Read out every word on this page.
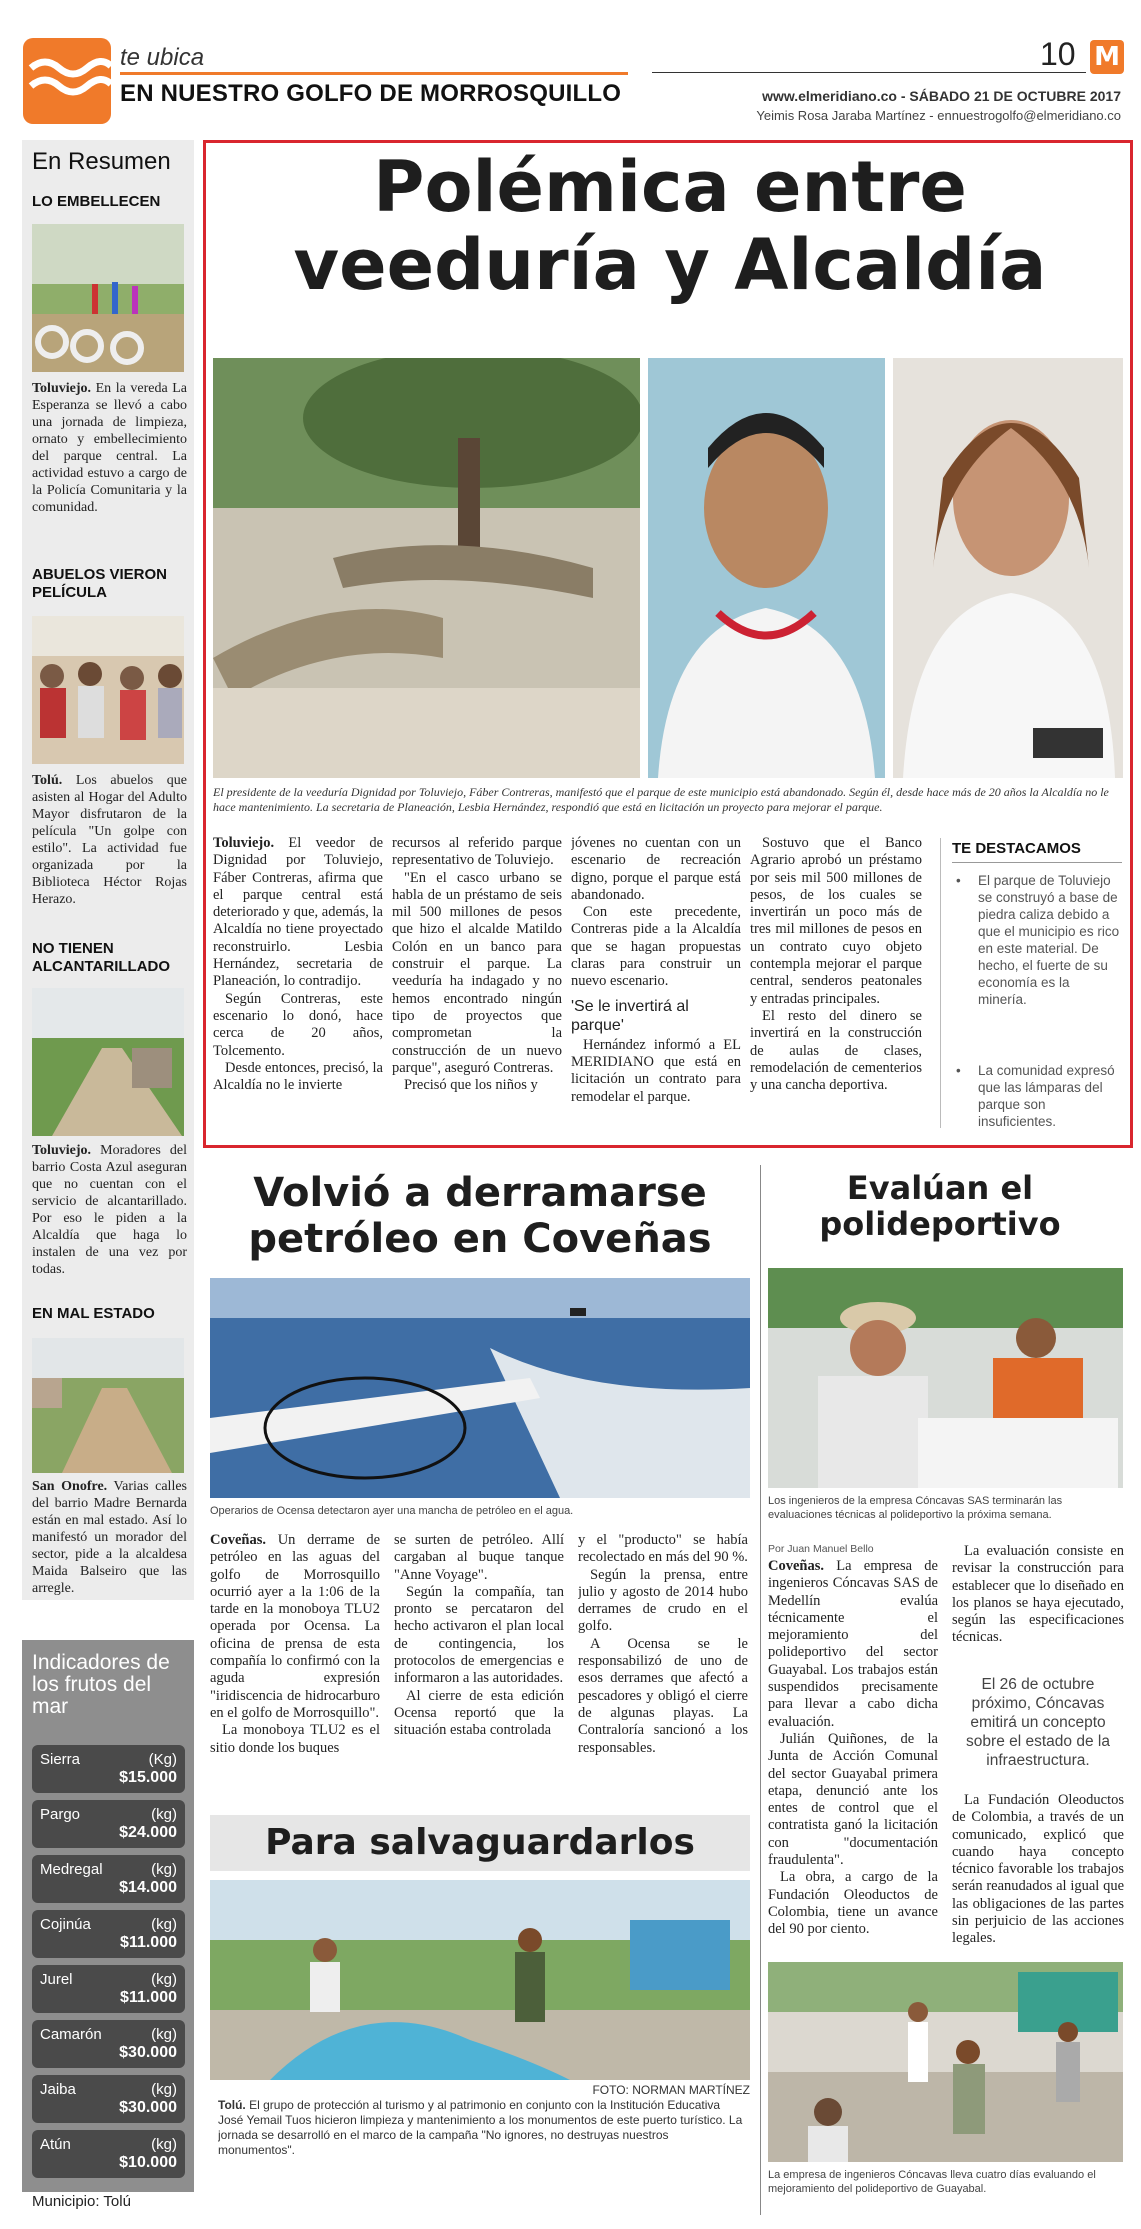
te ubica
EN NUESTRO GOLFO DE MORROSQUILLO
10 M
www.elmeridiano.co - SÁBADO 21 DE OCTUBRE 2017
Yeimis Rosa Jaraba Martínez - ennuestrogolfo@elmeridiano.co
En Resumen
LO EMBELLECEN
Toluviejo. En la vereda La Esperanza se llevó a cabo una jornada de limpieza, ornato y embellecimiento del parque central. La actividad estuvo a cargo de la Policía Comunitaria y la comunidad.
ABUELOS VIERON PELÍCULA
Tolú. Los abuelos que asisten al Hogar del Adulto Mayor disfrutaron de la película "Un golpe con estilo". La actividad fue organizada por la Biblioteca Héctor Rojas Herazo.
NO TIENEN ALCANTARILLADO
Toluviejo. Moradores del barrio Costa Azul aseguran que no cuentan con el servicio de alcantarillado. Por eso le piden a la Alcaldía que haga lo instalen de una vez por todas.
EN MAL ESTADO
San Onofre. Varias calles del barrio Madre Bernarda están en mal estado. Así lo manifestó un morador del sector, pide a la alcaldesa Maida Balseiro que las arregle.
Indicadores de los frutos del mar
Sierra	(Kg)
$15.000
Pargo	(kg)
$24.000
Medregal	(kg)
$14.000
Cojinúa	(kg)
$11.000
Jurel	(kg)
$11.000
Camarón	(kg)
$30.000
Jaiba	(kg)
$30.000
Atún	(kg)
$10.000
Municipio: Tolú
Polémica entre veeduría y Alcaldía
El presidente de la veeduría Dignidad por Toluviejo, Fáber Contreras, manifestó que el parque de este municipio está abandonado. Según él, desde hace más de 20 años la Alcaldía no le hace mantenimiento. La secretaria de Planeación, Lesbia Hernández, respondió que está en licitación un proyecto para mejorar el parque.

Toluviejo. El veedor de Dignidad por Toluviejo, Fáber Contreras, afirma que el parque central está deteriorado y que, además, la Alcaldía no tiene proyectado reconstruirlo. Lesbia Hernández, secretaria de Planeación, lo contradijo.

Según Contreras, este escenario lo donó, hace cerca de 20 años, Tolcemento.

Desde entonces, precisó, la Alcaldía no le invierte

recursos al referido parque representativo de Toluviejo.

"En el casco urbano se habla de un préstamo de seis mil 500 millones de pesos que hizo el alcalde Matildo Colón en un banco para construir el parque. La veeduría ha indagado y no hemos encontrado ningún tipo de proyectos que comprometan la construcción de un nuevo parque", aseguró Contreras.

Precisó que los niños y

jóvenes no cuentan con un escenario de recreación digno, porque el parque está abandonado.

Con este precedente, Contreras pide a la Alcaldía que se hagan propuestas claras para construir un nuevo escenario.

'Se le invertirá al parque'

Hernández informó a EL MERIDIANO que está en licitación un contrato para remodelar el parque.

Sostuvo que el Banco Agrario aprobó un préstamo por seis mil 500 millones de pesos, de los cuales se invertirán un poco más de tres mil millones de pesos en un contrato cuyo objeto contempla mejorar el parque central, senderos peatonales y entradas principales.

El resto del dinero se invertirá en la construcción de aulas de clases, remodelación de cementerios y una cancha deportiva.

TE DESTACAMOS
• El parque de Toluviejo se construyó a base de piedra caliza debido a que el municipio es rico en este material. De hecho, el fuerte de su economía es la minería.
• La comunidad expresó que las lámparas del parque son insuficientes.
Volvió a derramarse petróleo en Coveñas
Operarios de Ocensa detectaron ayer una mancha de petróleo en el agua.

Coveñas. Un derrame de petróleo en las aguas del golfo de Morrosquillo ocurrió ayer a la 1:06 de la tarde en la monoboya TLU2 operada por Ocensa. La oficina de prensa de esta compañía lo confirmó con la aguda expresión "iridiscencia de hidrocarburo en el golfo de Morrosquillo".

La monoboya TLU2 es el sitio donde los buques

se surten de petróleo. Allí cargaban al buque tanque "Anne Voyage".

Según la compañía, tan pronto se percataron del hecho activaron el plan local de contingencia, los protocolos de emergencias e informaron a las autoridades.

Al cierre de esta edición Ocensa reportó que la situación estaba controlada

y el "producto" se había recolectado en más del 90 %.

Según la prensa, entre julio y agosto de 2014 hubo derrames de crudo en el golfo.

A Ocensa se le responsabilizó de uno de esos derrames que afectó a pescadores y obligó el cierre de algunas playas. La Contraloría sancionó a los responsables.

Para salvaguardarlos
FOTO: NORMAN MARTÍNEZ
Tolú. El grupo de protección al turismo y al patrimonio en conjunto con la Institución Educativa José Yemail Tuos hicieron limpieza y mantenimiento a los monumentos de este puerto turístico. La jornada se desarrolló en el marco de la campaña "No ignores, no destruyas nuestros monumentos".
Evalúan el polideportivo
Los ingenieros de la empresa Cóncavas SAS terminarán las evaluaciones técnicas al polideportivo la próxima semana.
Por Juan Manuel Bello

Coveñas. La empresa de ingenieros Cóncavas SAS de Medellín evalúa técnicamente el mejoramiento del polideportivo del sector Guayabal. Los trabajos están suspendidos precisamente para llevar a cabo dicha evaluación.

Julián Quiñones, de la Junta de Acción Comunal del sector Guayabal primera etapa, denunció ante los entes de control que el contratista ganó la licitación con "documentación fraudulenta".

La obra, a cargo de la Fundación Oleoductos de Colombia, tiene un avance del 90 por ciento.

La evaluación consiste en revisar la construcción para establecer que lo diseñado en los planos se haya ejecutado, según las especificaciones técnicas.

El 26 de octubre próximo, Cóncavas emitirá un concepto sobre el estado de la infraestructura.

La Fundación Oleoductos de Colombia, a través de un comunicado, explicó que cuando haya concepto técnico favorable los trabajos serán reanudados al igual que las obligaciones de las partes sin perjuicio de las acciones legales.

La empresa de ingenieros Cóncavas lleva cuatro días evaluando el mejoramiento del polideportivo de Guayabal.
